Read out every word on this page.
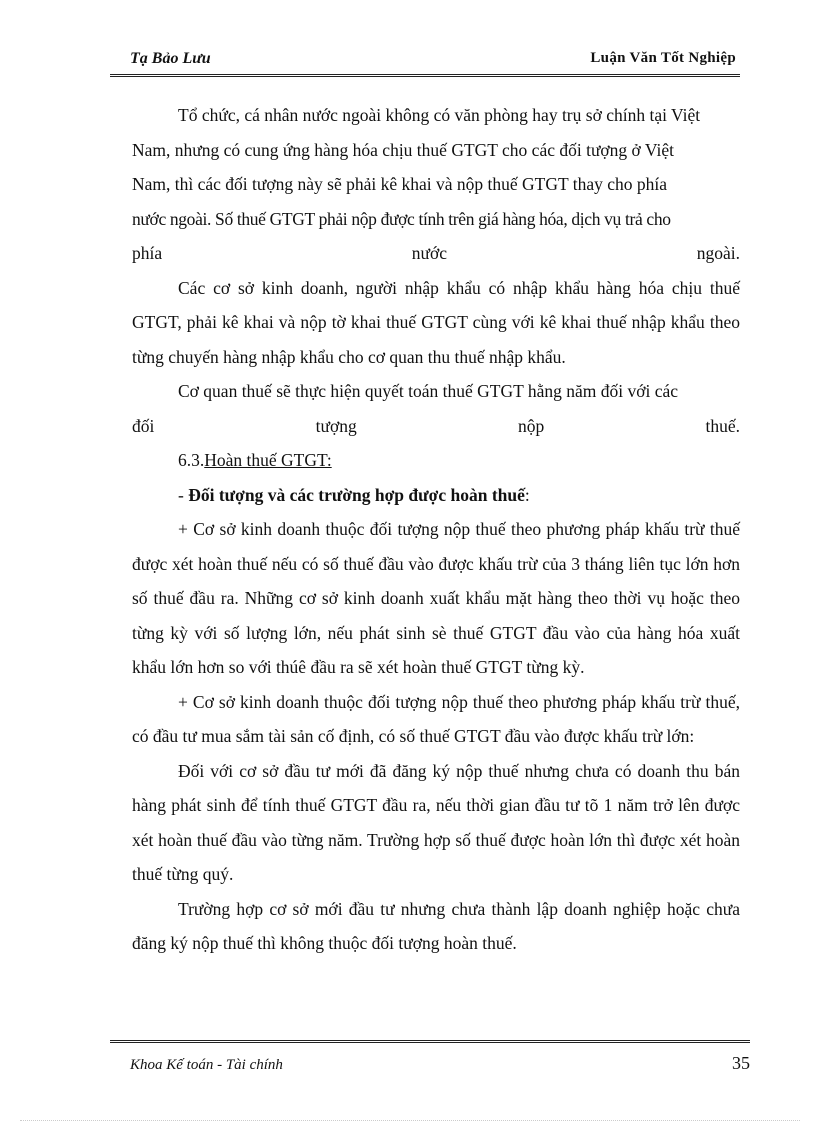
Tạ Bảo Lưu	Luận Văn Tốt Nghiệp

Tổ chức, cá nhân nước ngoài không có văn phòng hay trụ sở chính tại Việt

Nam, nhưng có cung ứng hàng hóa chịu thuế GTGT cho các đối tượng ở Việt

Nam, thì các đối tượng này sẽ phải kê khai và nộp thuế GTGT thay cho phía

nước ngoài. Số thuế GTGT phải nộp được tính trên giá hàng hóa, dịch vụ trả cho

phía	nước	ngoài.

Các cơ sở kinh doanh, người nhập khẩu có nhập khẩu hàng hóa chịu thuế GTGT, phải kê khai và nộp tờ khai thuế GTGT cùng với kê khai thuế nhập khẩu theo từng chuyến hàng nhập khẩu cho cơ quan thu thuế nhập khẩu.

Cơ quan thuế sẽ thực hiện quyết toán thuế GTGT hằng năm đối với các

đối	tượng	nộp	thuế.

6.3.Hoàn thuế GTGT:

- Đối tượng và các trường hợp được hoàn thuế:

+ Cơ sở kinh doanh thuộc đối tượng nộp thuế theo phương pháp khấu trừ thuế được xét hoàn thuế nếu có số thuế đầu vào được khấu trừ của 3 tháng liên tục lớn hơn số thuế đầu ra. Những cơ sở kinh doanh xuất khẩu mặt hàng theo thời vụ hoặc theo từng kỳ với số lượng lớn, nếu phát sinh sè thuế GTGT đầu vào của hàng hóa xuất khẩu lớn hơn so với thúê đầu ra sẽ xét hoàn thuế GTGT từng kỳ.

+ Cơ sở kinh doanh thuộc đối tượng nộp thuế theo phương pháp khấu trừ thuế, có đầu tư mua sắm tài sản cố định, có số thuế GTGT đầu vào được khấu trừ lớn:

Đối với cơ sở đầu tư mới đã đăng ký nộp thuế nhưng chưa có doanh thu bán hàng phát sinh để tính thuế GTGT đầu ra, nếu thời gian đầu tư tõ 1 năm trở lên được xét hoàn thuế đầu vào từng năm. Trường hợp số thuế được hoàn lớn thì được xét hoàn thuế từng quý.

Trường hợp cơ sở mới đầu tư nhưng chưa thành lập doanh nghiệp hoặc chưa đăng ký nộp thuế thì không thuộc đối tượng hoàn thuế.

Khoa Kế toán - Tài chính	35
